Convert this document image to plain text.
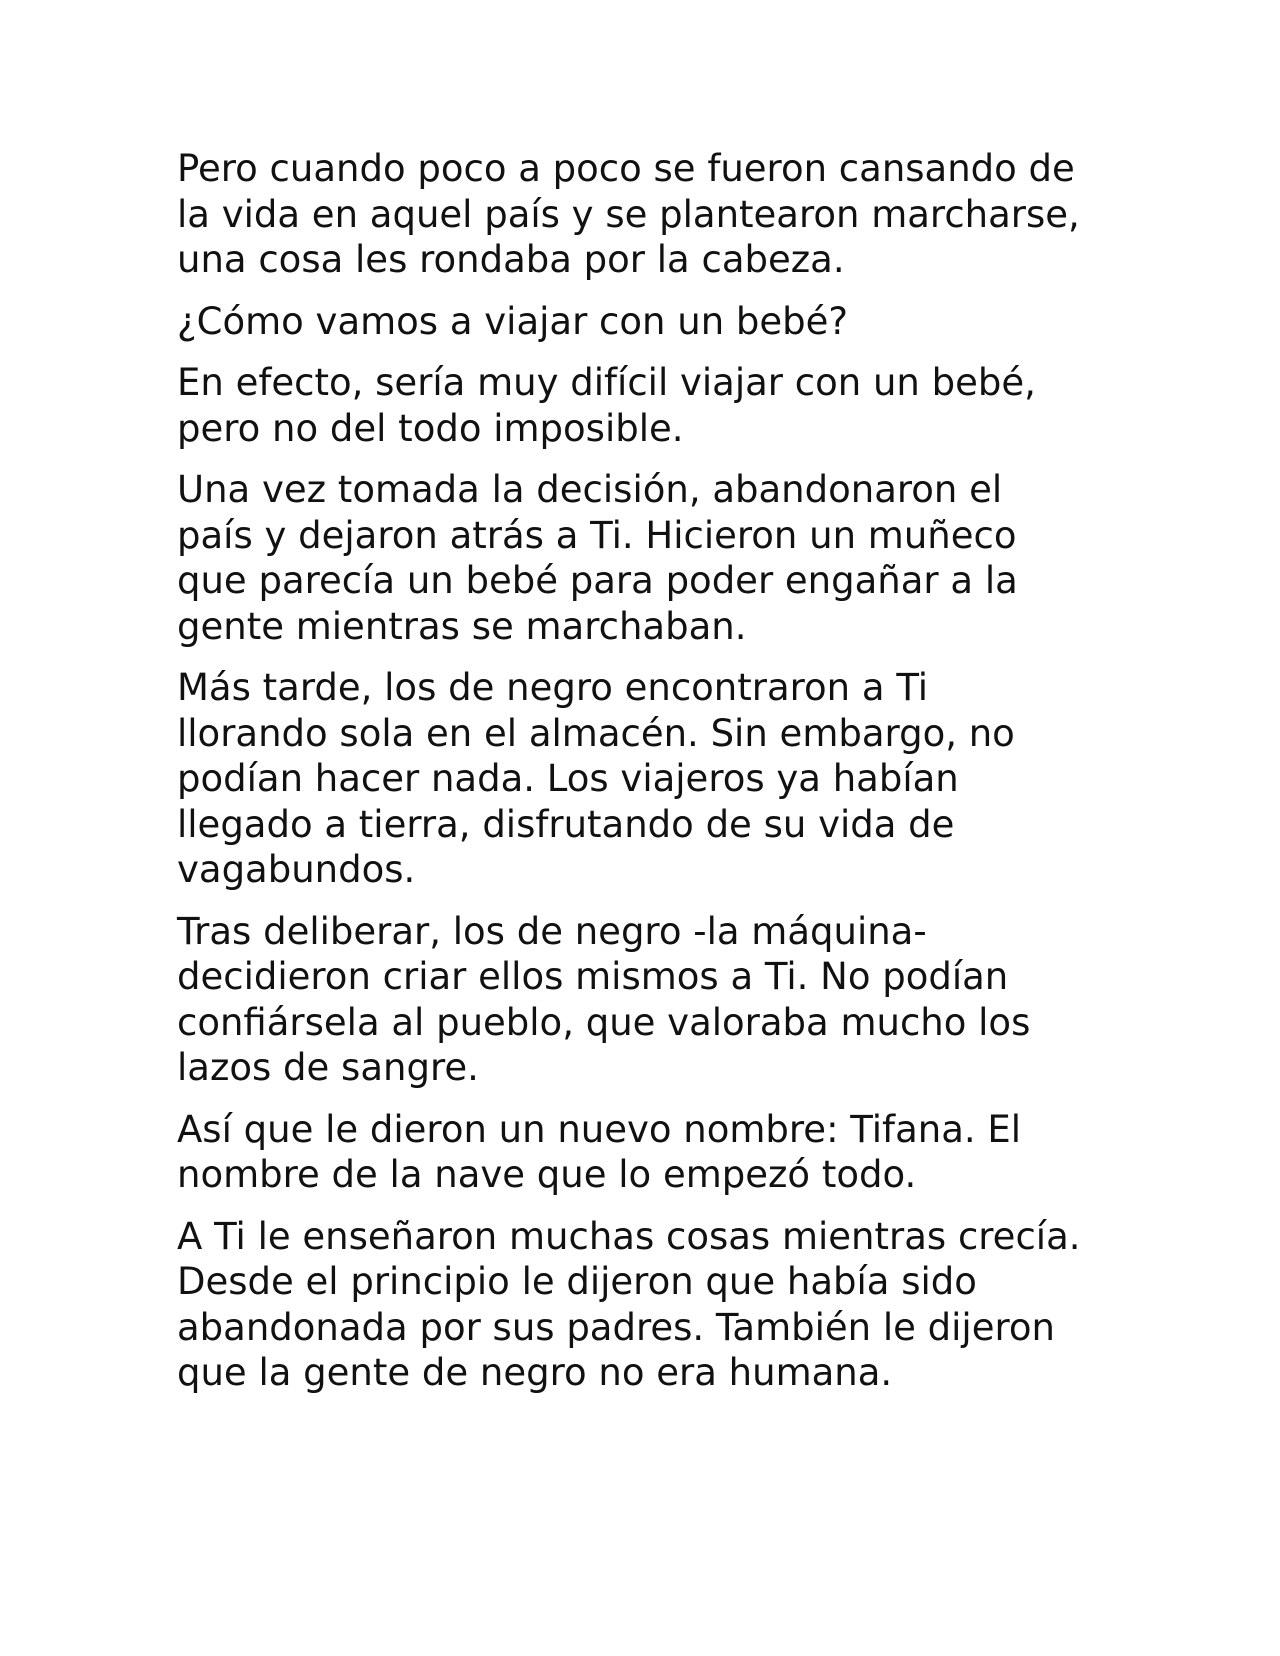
Pero cuando poco a poco se fueron cansando de
la vida en aquel país y se plantearon marcharse,
una cosa les rondaba por la cabeza.

¿Cómo vamos a viajar con un bebé?

En efecto, sería muy difícil viajar con un bebé,
pero no del todo imposible.

Una vez tomada la decisión, abandonaron el
país y dejaron atrás a Ti. Hicieron un muñeco
que parecía un bebé para poder engañar a la
gente mientras se marchaban.

Más tarde, los de negro encontraron a Ti
llorando sola en el almacén. Sin embargo, no
podían hacer nada. Los viajeros ya habían
llegado a tierra, disfrutando de su vida de
vagabundos.

Tras deliberar, los de negro -la máquina-
decidieron criar ellos mismos a Ti. No podían
confiársela al pueblo, que valoraba mucho los
lazos de sangre.

Así que le dieron un nuevo nombre: Tifana. El
nombre de la nave que lo empezó todo.

A Ti le enseñaron muchas cosas mientras crecía.
Desde el principio le dijeron que había sido
abandonada por sus padres. También le dijeron
que la gente de negro no era humana.
